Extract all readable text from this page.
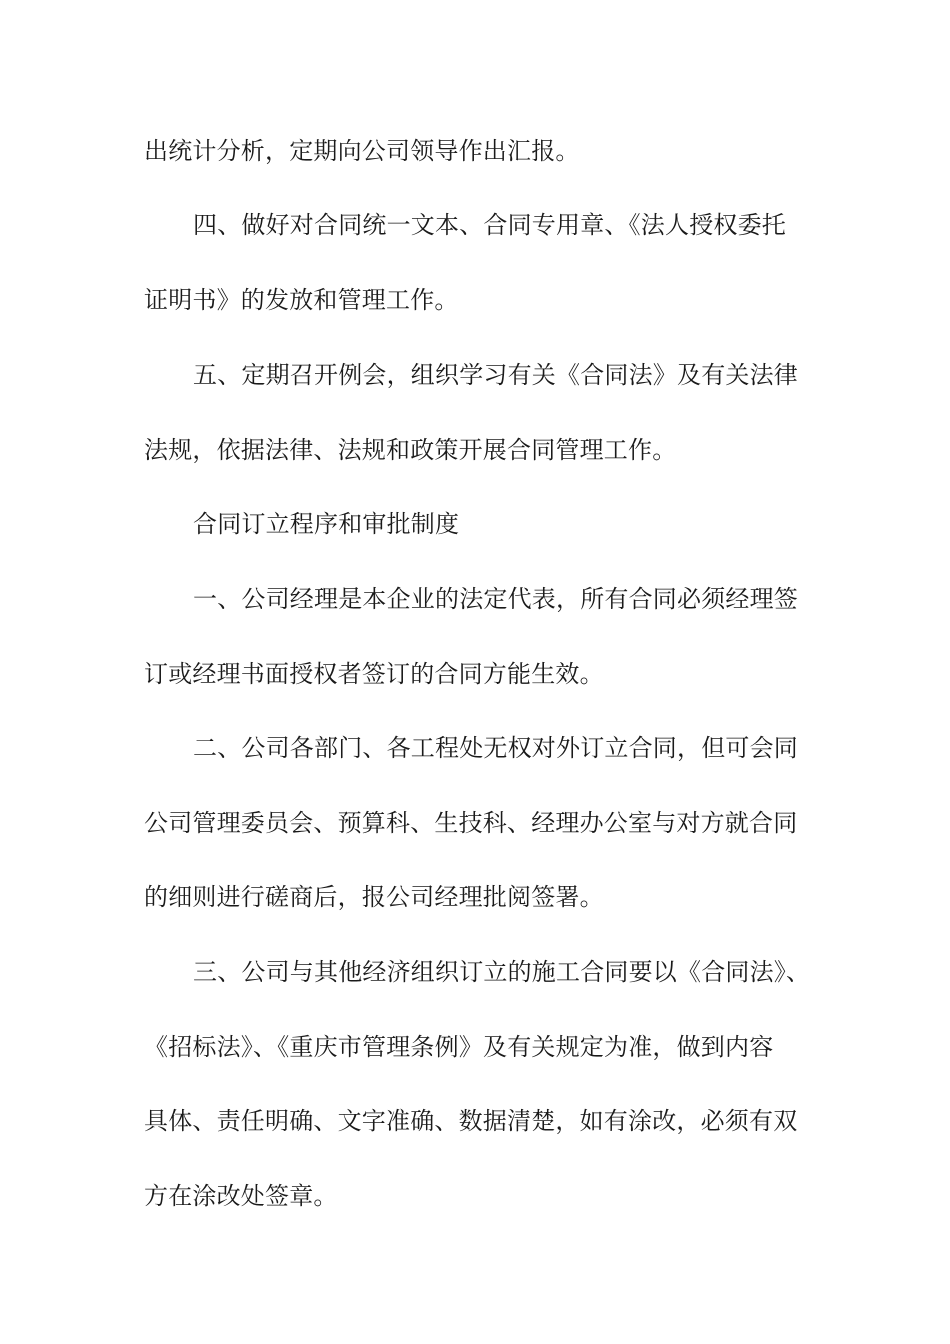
出统计分析，定期向公司领导作出汇报。
四、做好对合同统一文本、合同专用章、《法人授权委托
证明书》的发放和管理工作。
五、定期召开例会，组织学习有关《合同法》及有关法律
法规，依据法律、法规和政策开展合同管理工作。
合同订立程序和审批制度
一、公司经理是本企业的法定代表，所有合同必须经理签
订或经理书面授权者签订的合同方能生效。
二、公司各部门、各工程处无权对外订立合同，但可会同
公司管理委员会、预算科、生技科、经理办公室与对方就合同
的细则进行磋商后，报公司经理批阅签署。
三、公司与其他经济组织订立的施工合同要以《合同法》、
《招标法》、《重庆市管理条例》及有关规定为准，做到内容
具体、责任明确、文字准确、数据清楚，如有涂改，必须有双
方在涂改处签章。
